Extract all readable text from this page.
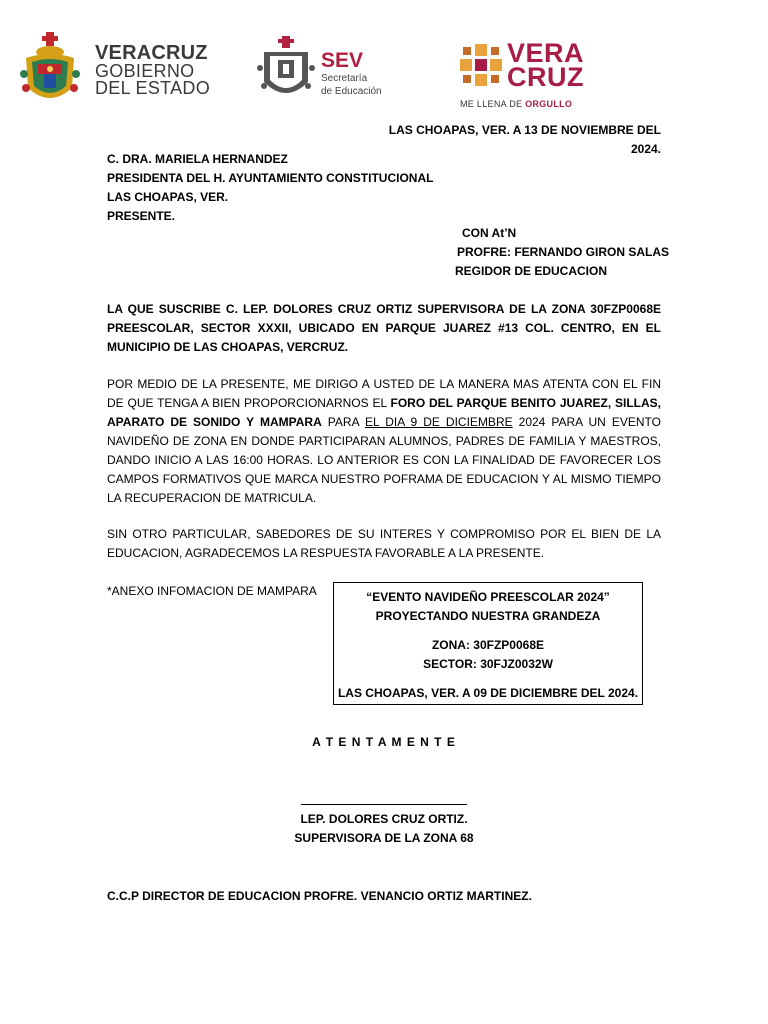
VERACRUZ
GOBIERNO
DEL ESTADO
SEV
Secretaría
de Educación
VERA
CRUZ
ME LLENA DE ORGULLO
LAS CHOAPAS, VER. A 13 DE NOVIEMBRE DEL 2024.
C. DRA. MARIELA HERNANDEZ
PRESIDENTA DEL H. AYUNTAMIENTO CONSTITUCIONAL
LAS CHOAPAS, VER.
PRESENTE.
CON At’N
PROFRE: FERNANDO GIRON SALAS
REGIDOR DE EDUCACION
LA QUE SUSCRIBE C. LEP. DOLORES CRUZ ORTIZ SUPERVISORA DE LA ZONA 30FZP0068E PREESCOLAR, SECTOR XXXII, UBICADO EN PARQUE JUAREZ #13 COL. CENTRO, EN EL MUNICIPIO DE LAS CHOAPAS, VERCRUZ.
POR MEDIO DE LA PRESENTE, ME DIRIGO A USTED DE LA MANERA MAS ATENTA CON EL FIN DE QUE TENGA A BIEN PROPORCIONARNOS EL FORO DEL PARQUE BENITO JUAREZ, SILLAS, APARATO DE SONIDO Y MAMPARA PARA EL DIA 9 DE DICIEMBRE 2024 PARA UN EVENTO NAVIDEÑO DE ZONA EN DONDE PARTICIPARAN ALUMNOS, PADRES DE FAMILIA Y MAESTROS, DANDO INICIO A LAS 16:00 HORAS. LO ANTERIOR ES CON LA FINALIDAD DE FAVORECER LOS CAMPOS FORMATIVOS QUE MARCA NUESTRO POFRAMA DE EDUCACION Y AL MISMO TIEMPO LA RECUPERACION DE MATRICULA.
SIN OTRO PARTICULAR, SABEDORES DE SU INTERES Y COMPROMISO POR EL BIEN DE LA EDUCACION, AGRADECEMOS LA RESPUESTA FAVORABLE A LA PRESENTE.
*ANEXO INFOMACION DE MAMPARA	“EVENTO NAVIDEÑO PREESCOLAR 2024”
PROYECTANDO NUESTRA GRANDEZA
ZONA: 30FZP0068E
SECTOR: 30FJZ0032W
LAS CHOAPAS, VER. A 09 DE DICIEMBRE DEL 2024.
A T E N T A M E N T E
LEP. DOLORES CRUZ ORTIZ.
SUPERVISORA DE LA ZONA 68
C.C.P DIRECTOR DE EDUCACION PROFRE. VENANCIO ORTIZ MARTINEZ.
